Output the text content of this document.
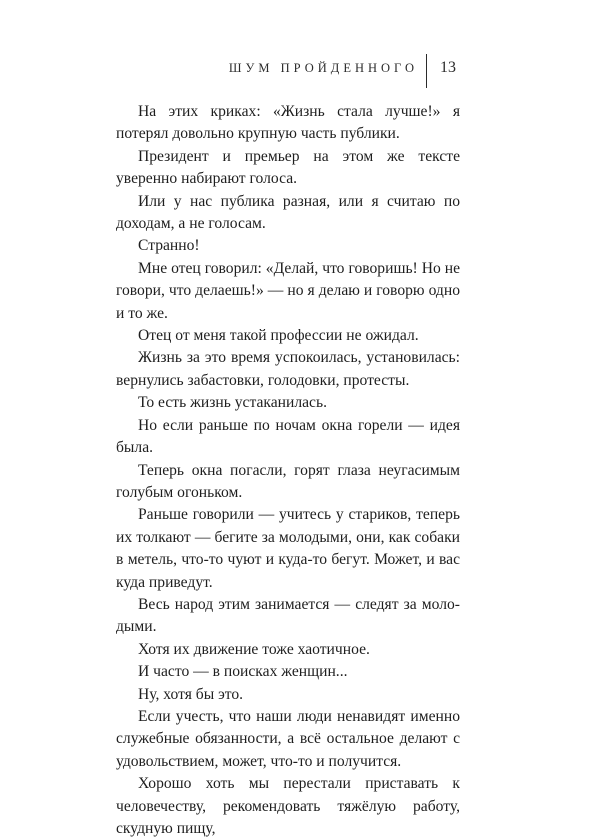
ШУМ ПРОЙДЕННОГО 13

На этих криках: «Жизнь стала лучше!» я потерял довольно крупную часть публики.

Президент и премьер на этом же тексте уверенно набирают голоса.

Или у нас публика разная, или я считаю по доходам, а не голосам.

Странно!

Мне отец говорил: «Делай, что говоришь! Но не говори, что делаешь!» — но я делаю и говорю одно и то же.

Отец от меня такой профессии не ожидал.

Жизнь за это время успокоилась, установилась: вернулись забастовки, голодовки, протесты.

То есть жизнь устаканилась.

Но если раньше по ночам окна горели — идея была.

Теперь окна погасли, горят глаза неугасимым голубым огоньком.

Раньше говорили — учитесь у стариков, теперь их толкают — бегите за молодыми, они, как собаки в метель, что-то чуют и куда-то бегут. Может, и вас куда приведут.

Весь народ этим занимается — следят за молодыми.

Хотя их движение тоже хаотичное.

И часто — в поисках женщин...

Ну, хотя бы это.

Если учесть, что наши люди ненавидят именно служебные обязанности, а всё остальное делают с удовольствием, может, что-то и получится.

Хорошо хоть мы перестали приставать к человечеству, рекомендовать тяжёлую работу, скудную пищу,
